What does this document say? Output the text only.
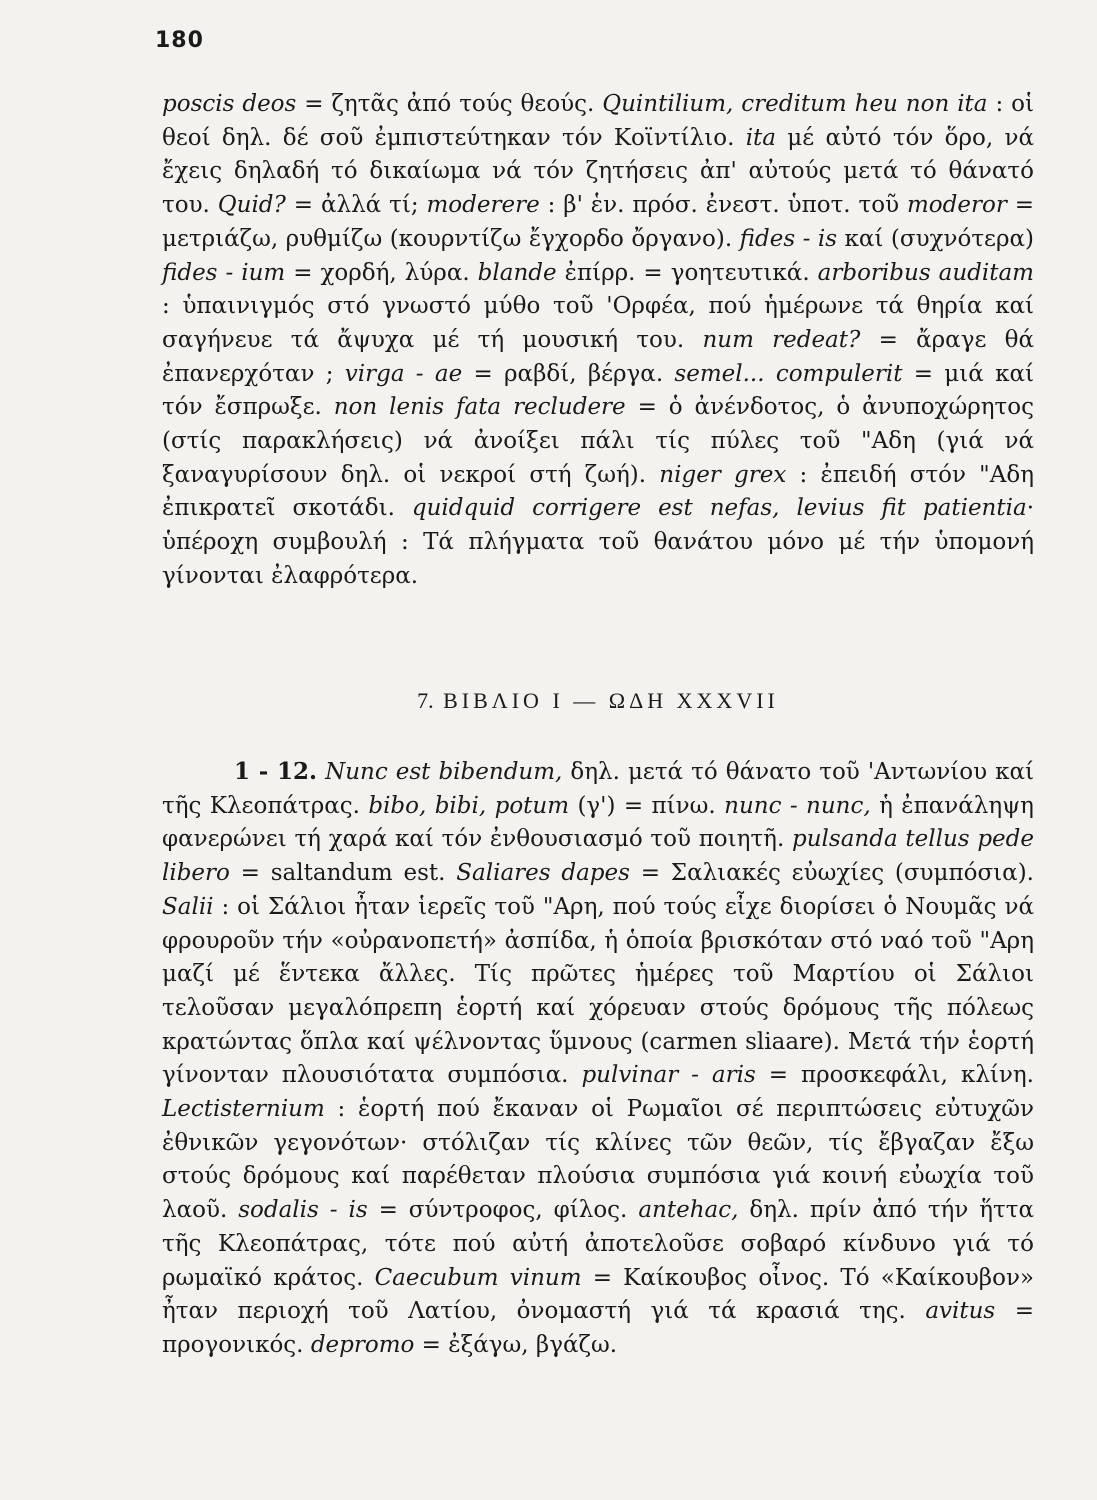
180

poscis deos = ζητᾶς ἀπό τούς θεούς. Quintilium, creditum heu non ita : οἱ θεοί δηλ. δέ σοῦ ἐμπιστεύτηκαν τόν Κοϊντίλιο. ita μέ αὐτό τόν ὅρο, νά ἔχεις δηλαδή τό δικαίωμα νά τόν ζητήσεις ἀπ' αὐτούς μετά τό θάνατό του. Quid? = ἀλλά τί; moderere : β' ἑν. πρόσ. ἐνεστ. ὑποτ. τοῦ moderor = μετριάζω, ρυθμίζω (κουρντίζω ἔγχορδο ὄργανο). fides - is καί (συχνότερα) fides - ium = χορδή, λύρα. blande ἐπίρρ. = γοητευτικά. arboribus auditam : ὑπαινιγμός στό γνωστό μύθο τοῦ 'Ορφέα, πού ἡμέρωνε τά θηρία καί σαγήνευε τά ἄψυχα μέ τή μουσική του. num redeat? = ἄραγε θά ἐπανερχόταν ; virga - ae = ραβδί, βέργα. semel... compulerit = μιά καί τόν ἔσπρωξε. non lenis fata recludere = ὁ ἀνένδοτος, ὁ ἀνυποχώρητος (στίς παρακλήσεις) νά ἀνοίξει πάλι τίς πύλες τοῦ "Αδη (γιά νά ξαναγυρίσουν δηλ. οἱ νεκροί στή ζωή). niger grex : ἐπειδή στόν "Αδη ἐπικρατεῖ σκοτάδι. quidquid corrigere est nefas, levius fit patientia· ὑπέροχη συμβουλή : Τά πλήγματα τοῦ θανάτου μόνο μέ τήν ὑπομονή γίνονται ἐλαφρότερα.

7. ΒΙΒΛΙΟ Ι — ΩΔΗ XXXVII

1 - 12. Nunc est bibendum, δηλ. μετά τό θάνατο τοῦ 'Αντωνίου καί τῆς Κλεοπάτρας. bibo, bibi, potum (γ') = πίνω. nunc - nunc, ἡ ἐπανάληψη φανερώνει τή χαρά καί τόν ἐνθουσιασμό τοῦ ποιητῆ. pulsanda tellus pede libero = saltandum est. Saliares dapes = Σαλιακές εὐωχίες (συμπόσια). Salii : οἱ Σάλιοι ἦταν ἱερεῖς τοῦ "Αρη, πού τούς εἶχε διορίσει ὁ Νουμᾶς νά φρουροῦν τήν «οὐρανοπετή» ἀσπίδα, ἡ ὁποία βρισκόταν στό ναό τοῦ "Αρη μαζί μέ ἕντεκα ἄλλες. Τίς πρῶτες ἡμέρες τοῦ Μαρτίου οἱ Σάλιοι τελοῦσαν μεγαλόπρεπη ἑορτή καί χόρευαν στούς δρόμους τῆς πόλεως κρατώντας ὅπλα καί ψέλνοντας ὕμνους (carmen sliaare). Μετά τήν ἑορτή γίνονταν πλουσιότατα συμπόσια. pulvinar - aris = προσκεφάλι, κλίνη. Lectisternium : ἑορτή πού ἔκαναν οἱ Ρωμαῖοι σέ περιπτώσεις εὐτυχῶν ἐθνικῶν γεγονότων· στόλιζαν τίς κλίνες τῶν θεῶν, τίς ἔβγαζαν ἔξω στούς δρόμους καί παρέθεταν πλούσια συμπόσια γιά κοινή εὐωχία τοῦ λαοῦ. sodalis - is = σύντροφος, φίλος. antehac, δηλ. πρίν ἀπό τήν ἥττα τῆς Κλεοπάτρας, τότε πού αὐτή ἀποτελοῦσε σοβαρό κίνδυνο γιά τό ρωμαϊκό κράτος. Caecubum vinum = Καίκουβος οἶνος. Τό «Καίκουβον» ἦταν περιοχή τοῦ Λατίου, ὀνομαστή γιά τά κρασιά της. avitus = προγονικός. depromo = ἐξάγω, βγάζω.
